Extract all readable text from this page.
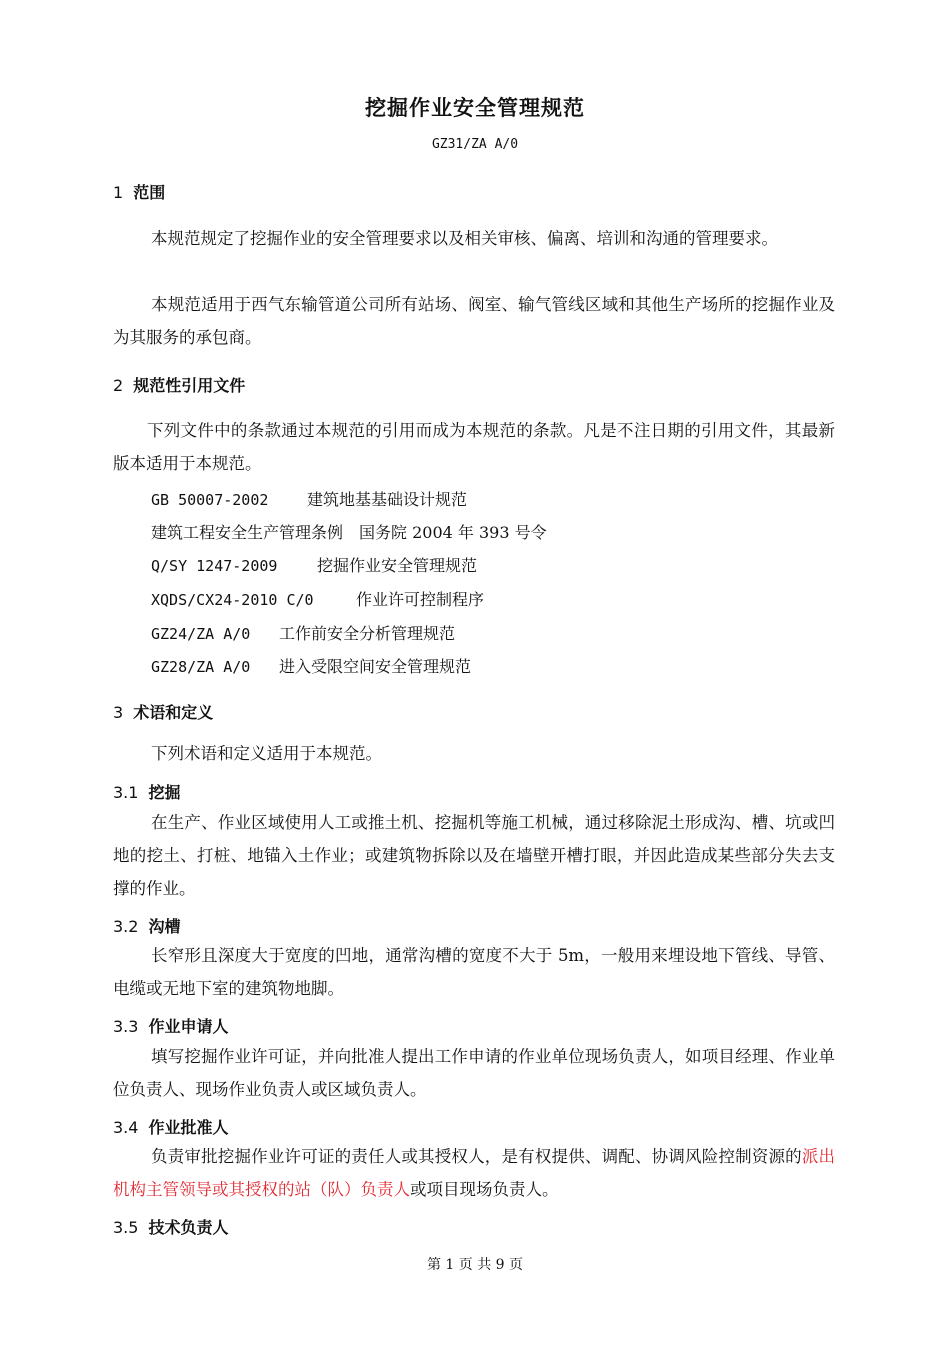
挖掘作业安全管理规范
GZ31/ZA A/0
1 范围
本规范规定了挖掘作业的安全管理要求以及相关审核、偏离、培训和沟通的管理要求。
本规范适用于西气东输管道公司所有站场、阀室、输气管线区域和其他生产场所的挖掘作业及为其服务的承包商。
2 规范性引用文件
下列文件中的条款通过本规范的引用而成为本规范的条款。凡是不注日期的引用文件，其最新版本适用于本规范。
GB 50007-2002 建筑地基基础设计规范
建筑工程安全生产管理条例 国务院 2004 年 393 号令
Q/SY 1247-2009 挖掘作业安全管理规范
XQDS/CX24-2010 C/0	作业许可控制程序
GZ24/ZA A/0 工作前安全分析管理规范
GZ28/ZA A/0 进入受限空间安全管理规范
3 术语和定义
下列术语和定义适用于本规范。
3.1 挖掘
在生产、作业区域使用人工或推土机、挖掘机等施工机械，通过移除泥土形成沟、槽、坑或凹地的挖土、打桩、地锚入土作业；或建筑物拆除以及在墙壁开槽打眼，并因此造成某些部分失去支撑的作业。
3.2 沟槽
长窄形且深度大于宽度的凹地，通常沟槽的宽度不大于 5m，一般用来埋设地下管线、导管、电缆或无地下室的建筑物地脚。
3.3 作业申请人
填写挖掘作业许可证，并向批准人提出工作申请的作业单位现场负责人，如项目经理、作业单位负责人、现场作业负责人或区域负责人。
3.4 作业批准人
负责审批挖掘作业许可证的责任人或其授权人，是有权提供、调配、协调风险控制资源的派出机构主管领导或其授权的站（队）负责人或项目现场负责人。
3.5 技术负责人
第 1 页 共 9 页
